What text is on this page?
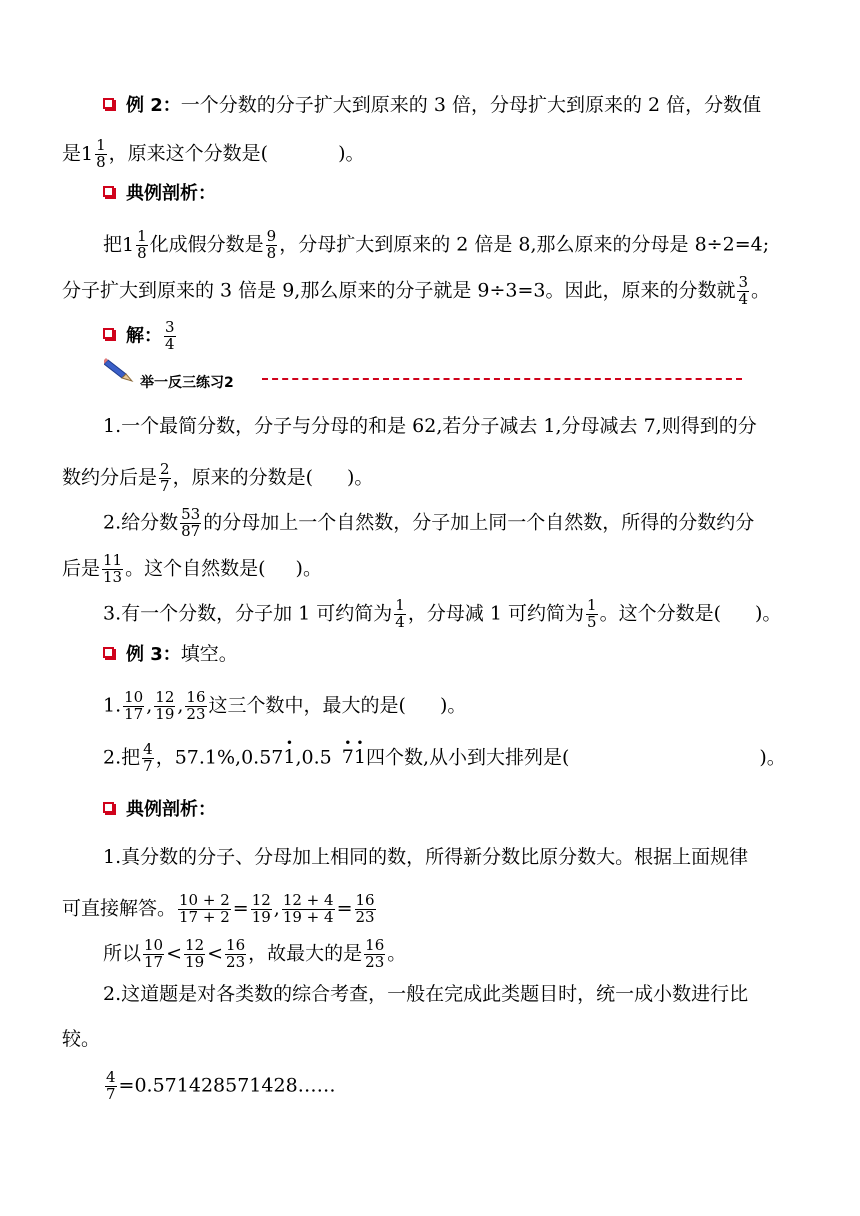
例 2：一个分数的分子扩大到原来的 3 倍，分母扩大到原来的 2 倍，分数值
是 $1 \frac{1}{8}$ ，原来这个分数是(	)。
典例剖析：
把 $1 \frac{1}{8}$ 化成假分数是 $\frac{9}{8}$ ，分母扩大到原来的 2 倍是 8,那么原来的分母是 8÷2=4;
分子扩大到原来的 3 倍是 9,那么原来的分子就是 9÷3=3。因此，原来的分数就 $\frac{3}{4}$ 。
解： $\frac{3}{4}$
举一反三练习2
1.一个最简分数，分子与分母的和是 62,若分子减去 1,分母减去 7,则得到的分
数约分后是 $\frac{2}{7}$ ，原来的分数是( )。
2.给分数 $\frac{53}{87}$ 的分母加上一个自然数，分子加上同一个自然数，所得的分数约分
后是 $\frac{11}{13}$ 。这个自然数是( )。
3.有一个分数，分子加 1 可约简为 $\frac{1}{4}$ ，分母减 1 可约简为 $\frac{1}{5}$ 。这个分数是( )。
例 3：填空。
1. $\frac{10}{17}$ , $\frac{12}{19}$ , $\frac{16}{23}$ 这三个数中，最大的是( )。
2.把 $\frac{4}{7}$ ，57.1%,0.57· 1,0.5· 7· 1四个数,从小到大排列是(	)。
典例剖析：
1.真分数的分子、分母加上相同的数，所得新分数比原分数大。根据上面规律
可直接解答。 $\frac{10 + 2}{17 + 2} = \frac{12}{19}$ , $\frac{12 + 4}{19 + 4} = \frac{16}{23}$
所以 $\frac{10}{17} < \frac{12}{19} < \frac{16}{23}$ ，故最大的是 $\frac{16}{23}$ 。
2.这道题是对各类数的综合考查，一般在完成此类题目时，统一成小数进行比
较。
$\frac{4}{7}$ =0.571428571428……
